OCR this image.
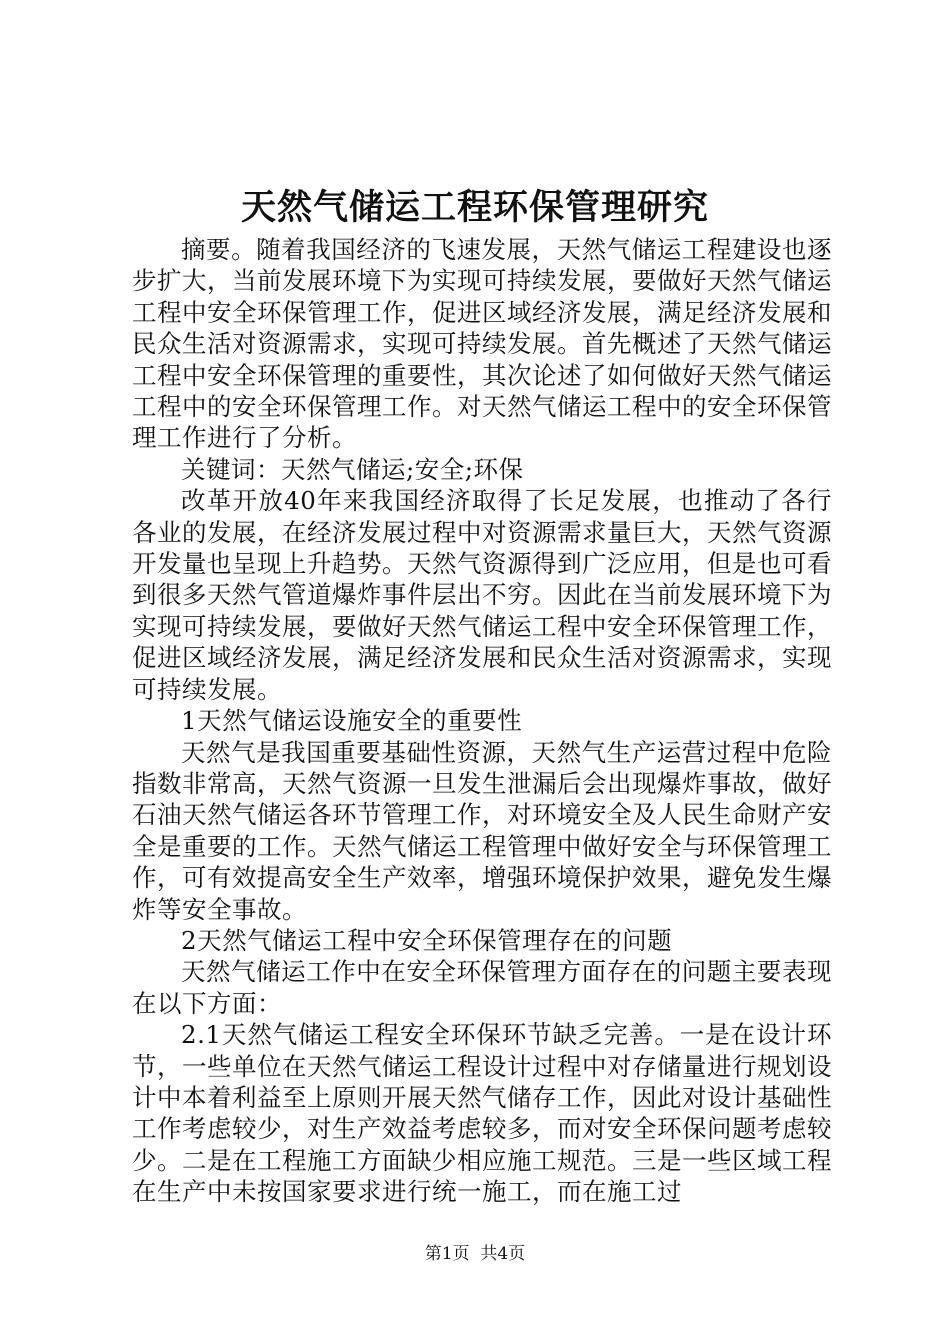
天然气储运工程环保管理研究

摘要。随着我国经济的飞速发展，天然气储运工程建设也逐步扩大，当前发展环境下为实现可持续发展，要做好天然气储运工程中安全环保管理工作，促进区域经济发展，满足经济发展和民众生活对资源需求，实现可持续发展。首先概述了天然气储运工程中安全环保管理的重要性，其次论述了如何做好天然气储运工程中的安全环保管理工作。对天然气储运工程中的安全环保管理工作进行了分析。

关键词：天然气储运;安全;环保

改革开放40年来我国经济取得了长足发展，也推动了各行各业的发展，在经济发展过程中对资源需求量巨大，天然气资源开发量也呈现上升趋势。天然气资源得到广泛应用，但是也可看到很多天然气管道爆炸事件层出不穷。因此在当前发展环境下为实现可持续发展，要做好天然气储运工程中安全环保管理工作，促进区域经济发展，满足经济发展和民众生活对资源需求，实现可持续发展。

1天然气储运设施安全的重要性

天然气是我国重要基础性资源，天然气生产运营过程中危险指数非常高，天然气资源一旦发生泄漏后会出现爆炸事故，做好石油天然气储运各环节管理工作，对环境安全及人民生命财产安全是重要的工作。天然气储运工程管理中做好安全与环保管理工作，可有效提高安全生产效率，增强环境保护效果，避免发生爆炸等安全事故。

2天然气储运工程中安全环保管理存在的问题

天然气储运工作中在安全环保管理方面存在的问题主要表现在以下方面：

2.1天然气储运工程安全环保环节缺乏完善。一是在设计环节，一些单位在天然气储运工程设计过程中对存储量进行规划设计中本着利益至上原则开展天然气储存工作，因此对设计基础性工作考虑较少，对生产效益考虑较多，而对安全环保问题考虑较少。二是在工程施工方面缺少相应施工规范。三是一些区域工程在生产中未按国家要求进行统一施工，而在施工过

第1页 共4页
